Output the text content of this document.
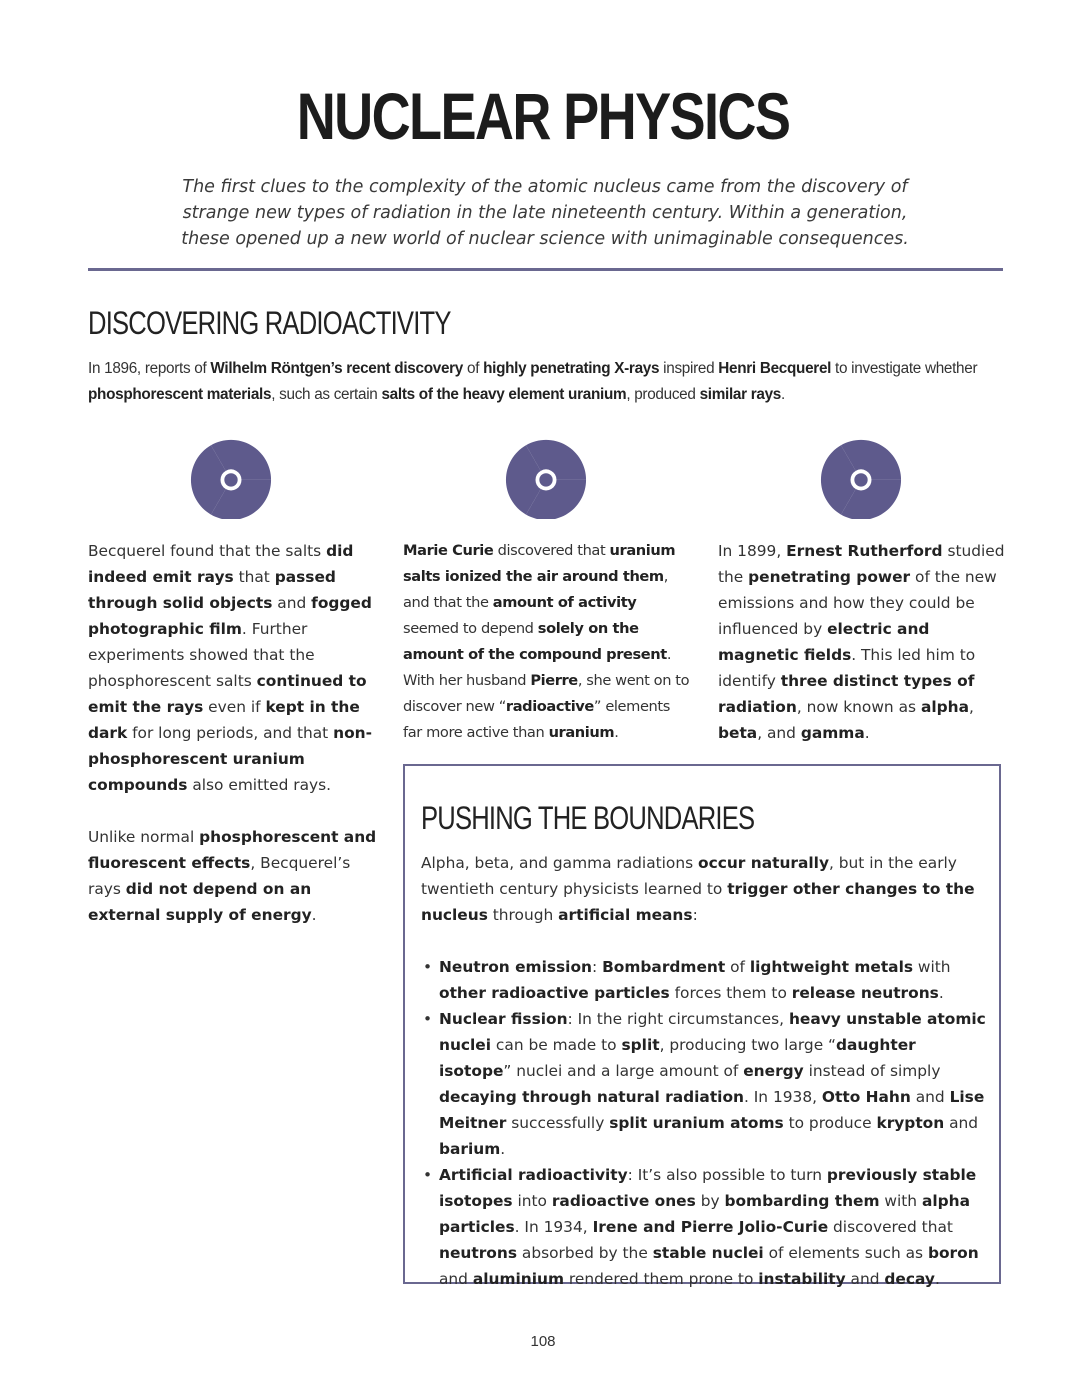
NUCLEAR PHYSICS

The first clues to the complexity of the atomic nucleus came from the discovery of strange new types of radiation in the late nineteenth century. Within a generation, these opened up a new world of nuclear science with unimaginable consequences.

DISCOVERING RADIOACTIVITY

In 1896, reports of Wilhelm Röntgen’s recent discovery of highly penetrating X-rays inspired Henri Becquerel to investigate whether phosphorescent materials, such as certain salts of the heavy element uranium, produced similar rays.

Becquerel found that the salts did indeed emit rays that passed through solid objects and fogged photographic film. Further experiments showed that the phosphorescent salts continued to emit the rays even if kept in the dark for long periods, and that non-phosphorescent uranium compounds also emitted rays.

Unlike normal phosphorescent and fluorescent effects, Becquerel’s rays did not depend on an external supply of energy.

Marie Curie discovered that uranium salts ionized the air around them, and that the amount of activity seemed to depend solely on the amount of the compound present. With her husband Pierre, she went on to discover new “radioactive” elements far more active than uranium.

In 1899, Ernest Rutherford studied the penetrating power of the new emissions and how they could be influenced by electric and magnetic fields. This led him to identify three distinct types of radiation, now known as alpha, beta, and gamma.

PUSHING THE BOUNDARIES

Alpha, beta, and gamma radiations occur naturally, but in the early twentieth century physicists learned to trigger other changes to the nucleus through artificial means:

• Neutron emission: Bombardment of lightweight metals with other radioactive particles forces them to release neutrons.
• Nuclear fission: In the right circumstances, heavy unstable atomic nuclei can be made to split, producing two large “daughter isotope” nuclei and a large amount of energy instead of simply decaying through natural radiation. In 1938, Otto Hahn and Lise Meitner successfully split uranium atoms to produce krypton and barium.
• Artificial radioactivity: It’s also possible to turn previously stable isotopes into radioactive ones by bombarding them with alpha particles. In 1934, Irene and Pierre Jolio-Curie discovered that neutrons absorbed by the stable nuclei of elements such as boron and aluminium rendered them prone to instability and decay.
108
